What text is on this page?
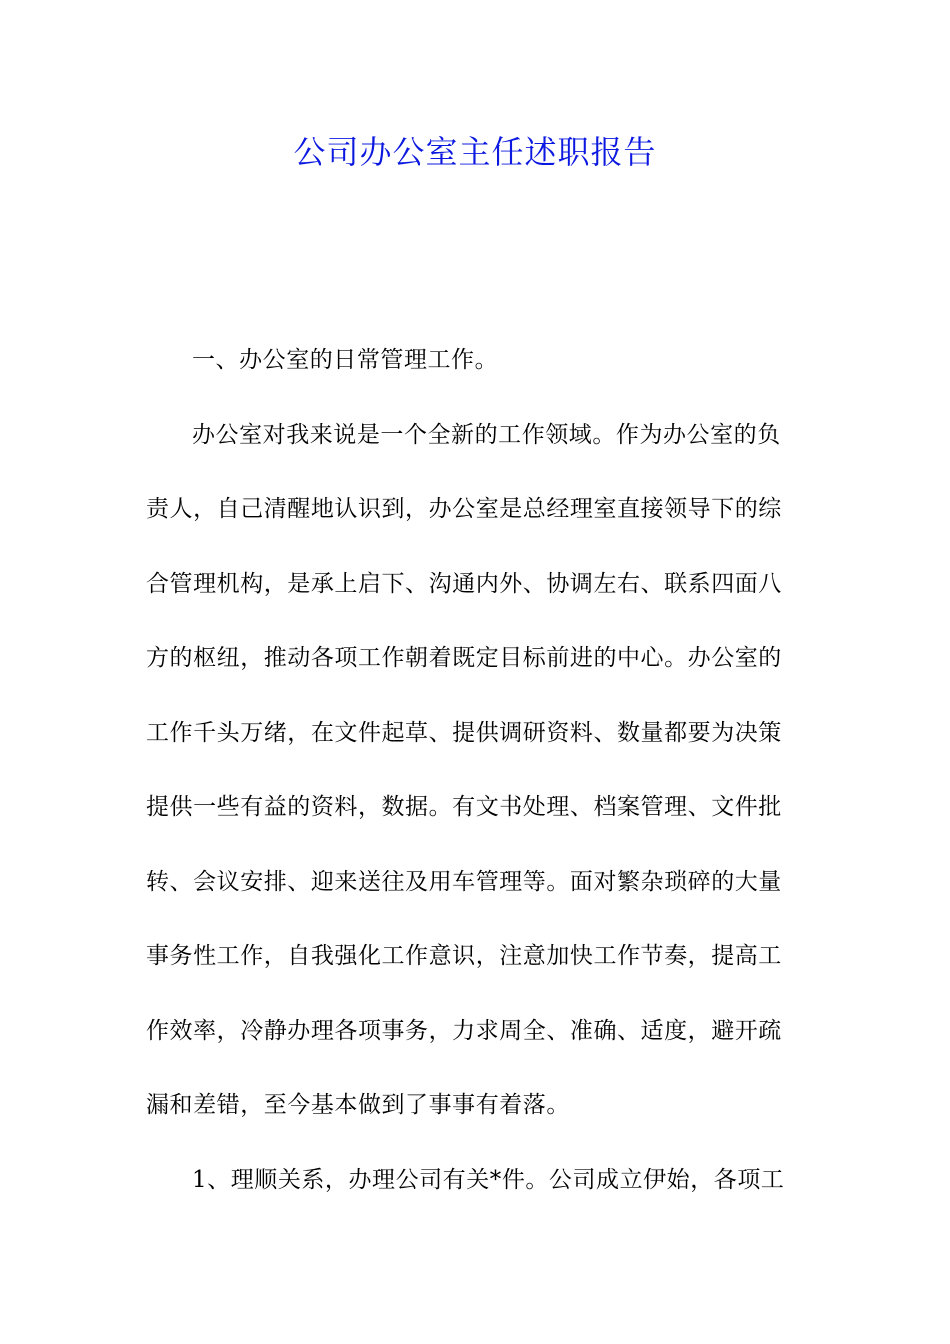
公司办公室主任述职报告
一、办公室的日常管理工作。
办公室对我来说是一个全新的工作领域。作为办公室的负
责人，自己清醒地认识到，办公室是总经理室直接领导下的综
合管理机构，是承上启下、沟通内外、协调左右、联系四面八
方的枢纽，推动各项工作朝着既定目标前进的中心。办公室的
工作千头万绪，在文件起草、提供调研资料、数量都要为决策
提供一些有益的资料，数据。有文书处理、档案管理、文件批
转、会议安排、迎来送往及用车管理等。面对繁杂琐碎的大量
事务性工作，自我强化工作意识，注意加快工作节奏，提高工
作效率，冷静办理各项事务，力求周全、准确、适度，避开疏
漏和差错，至今基本做到了事事有着落。
1、理顺关系，办理公司有关*件。公司成立伊始，各项工
